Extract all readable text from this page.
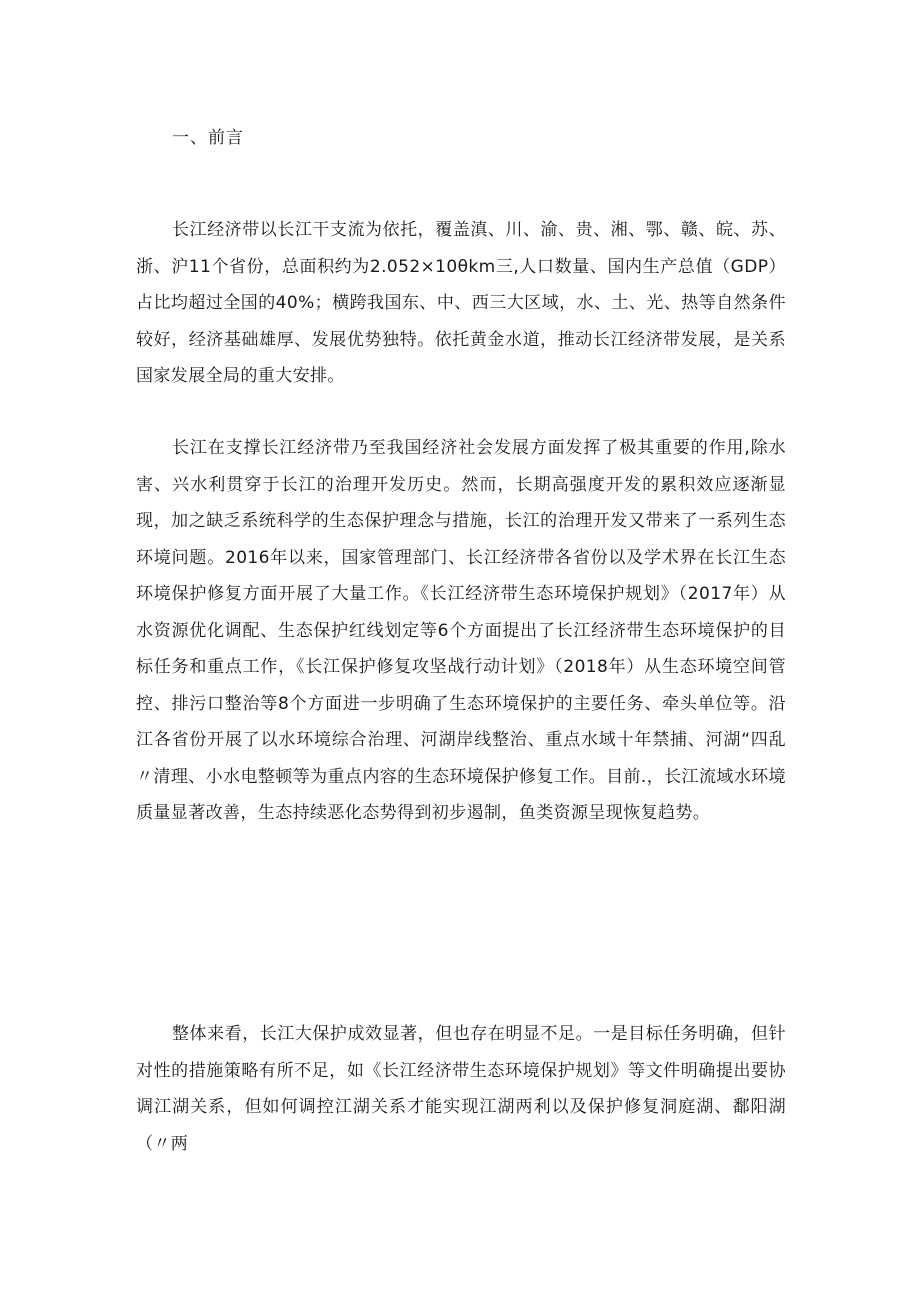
一、前言

长江经济带以长江干支流为依托，覆盖滇、川、渝、贵、湘、鄂、赣、皖、苏、浙、沪11个省份，总面积约为2.052×10θkm三,人口数量、国内生产总值（GDP）占比均超过全国的40%；横跨我国东、中、西三大区域，水、土、光、热等自然条件较好，经济基础雄厚、发展优势独特。依托黄金水道，推动长江经济带发展，是关系国家发展全局的重大安排。

长江在支撑长江经济带乃至我国经济社会发展方面发挥了极其重要的作用,除水害、兴水利贯穿于长江的治理开发历史。然而，长期高强度开发的累积效应逐渐显现，加之缺乏系统科学的生态保护理念与措施，长江的治理开发又带来了一系列生态环境问题。2016年以来，国家管理部门、长江经济带各省份以及学术界在长江生态环境保护修复方面开展了大量工作。《长江经济带生态环境保护规划》（2017年）从水资源优化调配、生态保护红线划定等6个方面提出了长江经济带生态环境保护的目标任务和重点工作，《长江保护修复攻坚战行动计划》（2018年）从生态环境空间管控、排污口整治等8个方面进一步明确了生态环境保护的主要任务、牵头单位等。沿江各省份开展了以水环境综合治理、河湖岸线整治、重点水域十年禁捕、河湖“四乱〃清理、小水电整顿等为重点内容的生态环境保护修复工作。目前.，长江流域水环境质量显著改善，生态持续恶化态势得到初步遏制，鱼类资源呈现恢复趋势。

整体来看，长江大保护成效显著，但也存在明显不足。一是目标任务明确，但针对性的措施策略有所不足，如《长江经济带生态环境保护规划》等文件明确提出要协调江湖关系，但如何调控江湖关系才能实现江湖两利以及保护修复洞庭湖、鄱阳湖（〃两
